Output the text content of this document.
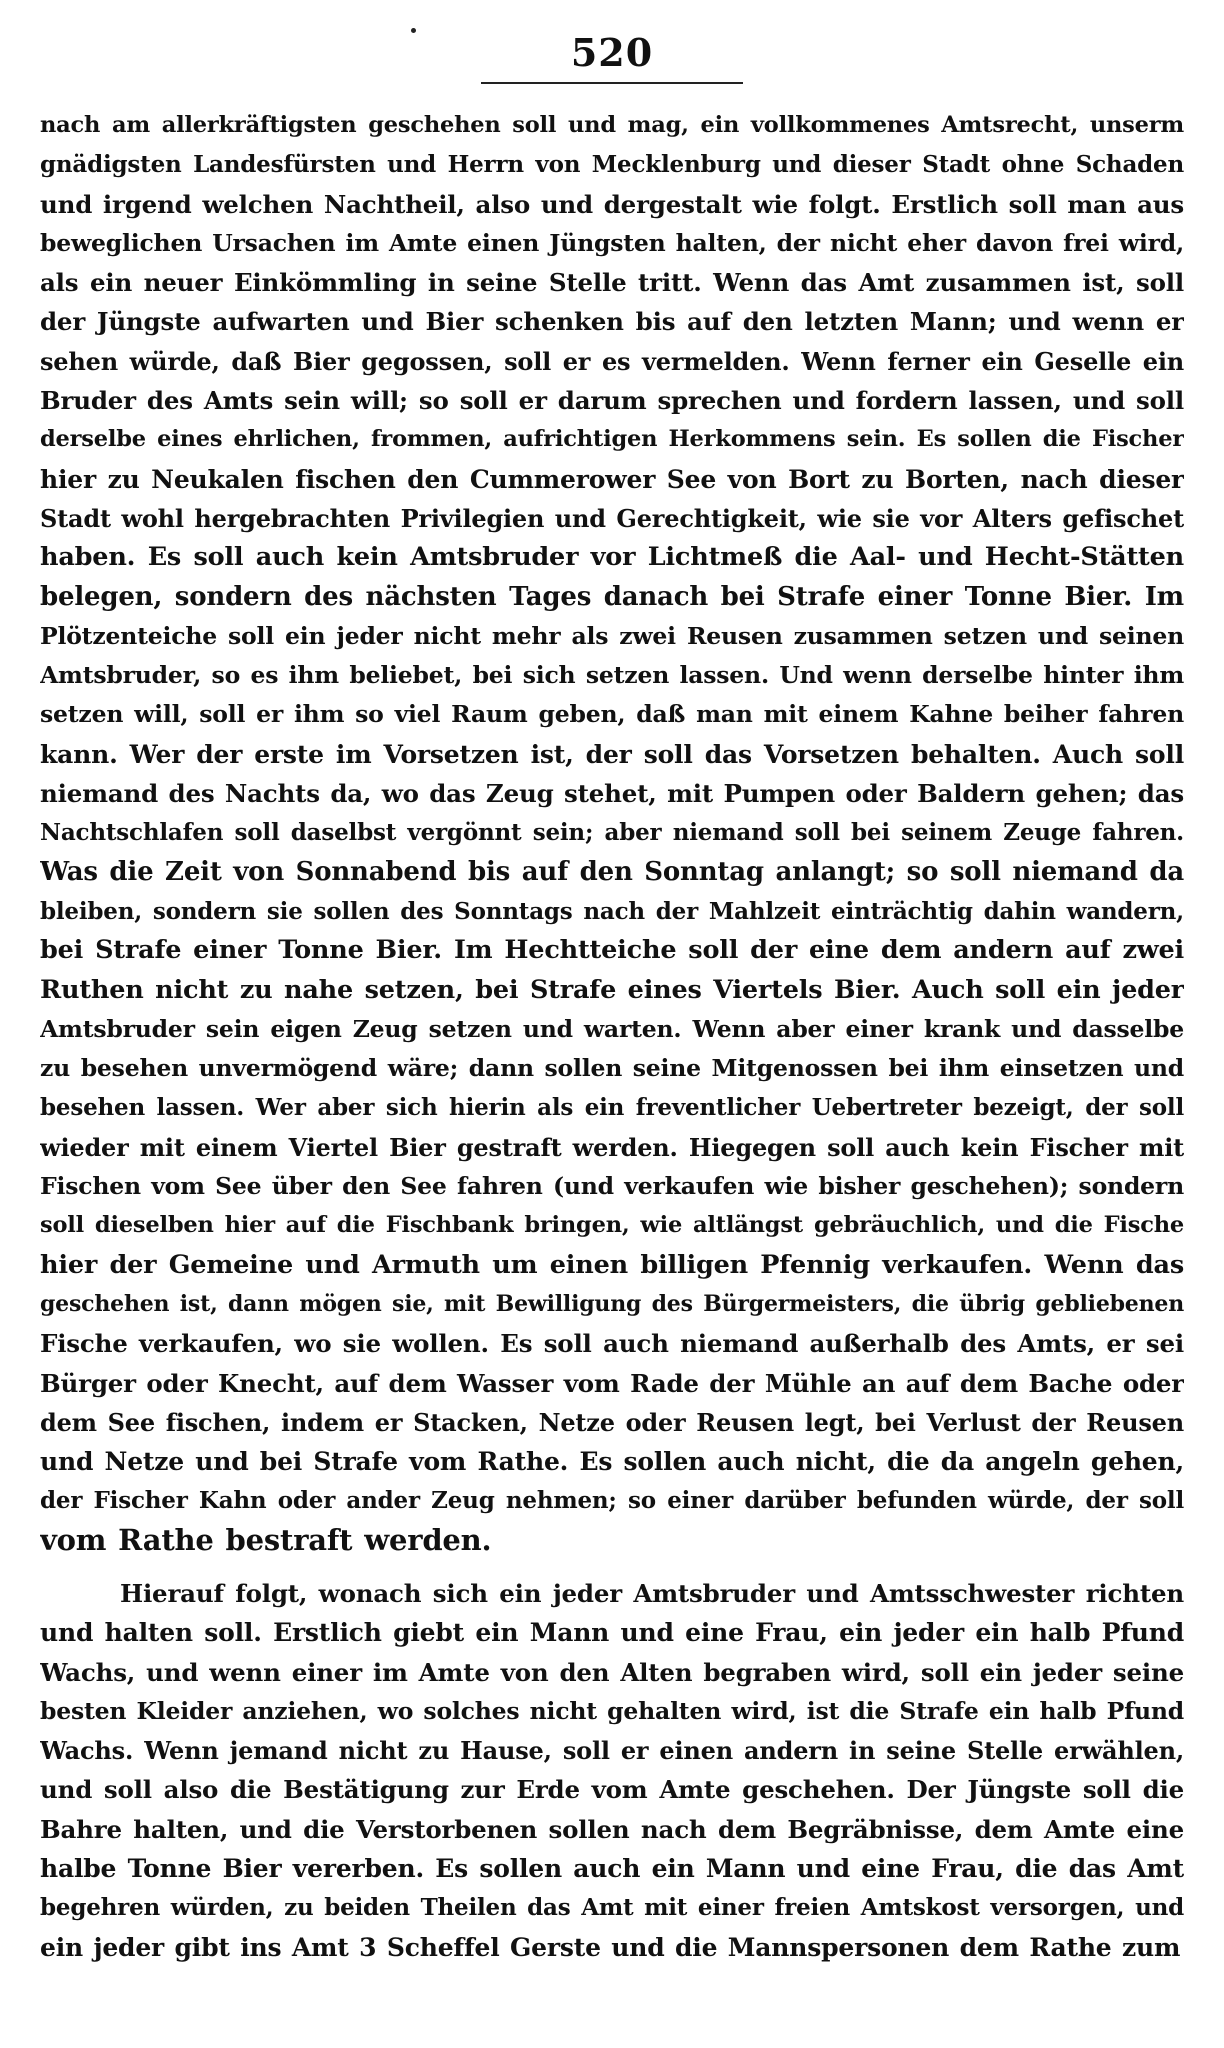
520

nach am allerkräftigsten geschehen soll und mag, ein vollkommenes Amtsrecht, unserm
gnädigsten Landesfürsten und Herrn von Mecklenburg und dieser Stadt ohne Schaden
und irgend welchen Nachtheil, also und dergestalt wie folgt. Erstlich soll man aus
beweglichen Ursachen im Amte einen Jüngsten halten, der nicht eher davon frei wird,
als ein neuer Einkömmling in seine Stelle tritt. Wenn das Amt zusammen ist, soll
der Jüngste aufwarten und Bier schenken bis auf den letzten Mann; und wenn er
sehen würde, daß Bier gegossen, soll er es vermelden. Wenn ferner ein Geselle ein
Bruder des Amts sein will; so soll er darum sprechen und fordern lassen, und soll
derselbe eines ehrlichen, frommen, aufrichtigen Herkommens sein. Es sollen die Fischer
hier zu Neukalen fischen den Cummerower See von Bort zu Borten, nach dieser
Stadt wohl hergebrachten Privilegien und Gerechtigkeit, wie sie vor Alters gefischet
haben. Es soll auch kein Amtsbruder vor Lichtmeß die Aal- und Hecht-Stätten
belegen, sondern des nächsten Tages danach bei Strafe einer Tonne Bier. Im
Plötzenteiche soll ein jeder nicht mehr als zwei Reusen zusammen setzen und seinen
Amtsbruder, so es ihm beliebet, bei sich setzen lassen. Und wenn derselbe hinter ihm
setzen will, soll er ihm so viel Raum geben, daß man mit einem Kahne beiher fahren
kann. Wer der erste im Vorsetzen ist, der soll das Vorsetzen behalten. Auch soll
niemand des Nachts da, wo das Zeug stehet, mit Pumpen oder Baldern gehen; das
Nachtschlafen soll daselbst vergönnt sein; aber niemand soll bei seinem Zeuge fahren.
Was die Zeit von Sonnabend bis auf den Sonntag anlangt; so soll niemand da
bleiben, sondern sie sollen des Sonntags nach der Mahlzeit einträchtig dahin wandern,
bei Strafe einer Tonne Bier. Im Hechtteiche soll der eine dem andern auf zwei
Ruthen nicht zu nahe setzen, bei Strafe eines Viertels Bier. Auch soll ein jeder
Amtsbruder sein eigen Zeug setzen und warten. Wenn aber einer krank und dasselbe
zu besehen unvermögend wäre; dann sollen seine Mitgenossen bei ihm einsetzen und
besehen lassen. Wer aber sich hierin als ein freventlicher Uebertreter bezeigt, der soll
wieder mit einem Viertel Bier gestraft werden. Hiegegen soll auch kein Fischer mit
Fischen vom See über den See fahren (und verkaufen wie bisher geschehen); sondern
soll dieselben hier auf die Fischbank bringen, wie altlängst gebräuchlich, und die Fische
hier der Gemeine und Armuth um einen billigen Pfennig verkaufen. Wenn das
geschehen ist, dann mögen sie, mit Bewilligung des Bürgermeisters, die übrig gebliebenen
Fische verkaufen, wo sie wollen. Es soll auch niemand außerhalb des Amts, er sei
Bürger oder Knecht, auf dem Wasser vom Rade der Mühle an auf dem Bache oder
dem See fischen, indem er Stacken, Netze oder Reusen legt, bei Verlust der Reusen
und Netze und bei Strafe vom Rathe. Es sollen auch nicht, die da angeln gehen,
der Fischer Kahn oder ander Zeug nehmen; so einer darüber befunden würde, der soll
vom Rathe bestraft werden.

Hierauf folgt, wonach sich ein jeder Amtsbruder und Amtsschwester richten
und halten soll. Erstlich giebt ein Mann und eine Frau, ein jeder ein halb Pfund
Wachs, und wenn einer im Amte von den Alten begraben wird, soll ein jeder seine
besten Kleider anziehen, wo solches nicht gehalten wird, ist die Strafe ein halb Pfund
Wachs. Wenn jemand nicht zu Hause, soll er einen andern in seine Stelle erwählen,
und soll also die Bestätigung zur Erde vom Amte geschehen. Der Jüngste soll die
Bahre halten, und die Verstorbenen sollen nach dem Begräbnisse, dem Amte eine
halbe Tonne Bier vererben. Es sollen auch ein Mann und eine Frau, die das Amt
begehren würden, zu beiden Theilen das Amt mit einer freien Amtskost versorgen, und
ein jeder gibt ins Amt 3 Scheffel Gerste und die Mannspersonen dem Rathe zum
